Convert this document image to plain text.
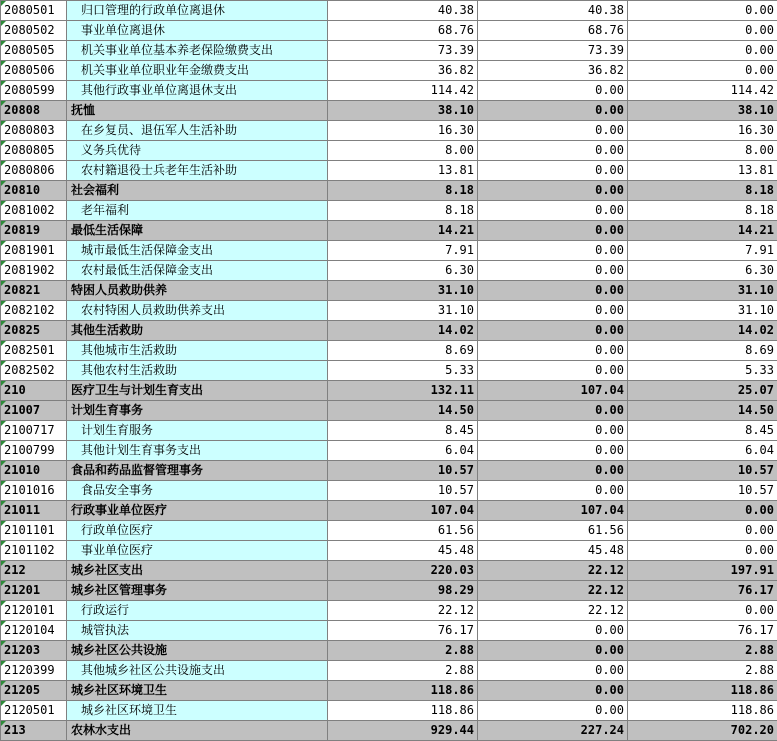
2080501	归口管理的行政单位离退休	40.38	40.38	0.00
2080502	事业单位离退休	68.76	68.76	0.00
2080505	机关事业单位基本养老保险缴费支出	73.39	73.39	0.00
2080506	机关事业单位职业年金缴费支出	36.82	36.82	0.00
2080599	其他行政事业单位离退休支出	114.42	0.00	114.42
20808	抚恤	38.10	0.00	38.10
2080803	在乡复员、退伍军人生活补助	16.30	0.00	16.30
2080805	义务兵优待	8.00	0.00	8.00
2080806	农村籍退役士兵老年生活补助	13.81	0.00	13.81
20810	社会福利	8.18	0.00	8.18
2081002	老年福利	8.18	0.00	8.18
20819	最低生活保障	14.21	0.00	14.21
2081901	城市最低生活保障金支出	7.91	0.00	7.91
2081902	农村最低生活保障金支出	6.30	0.00	6.30
20821	特困人员救助供养	31.10	0.00	31.10
2082102	农村特困人员救助供养支出	31.10	0.00	31.10
20825	其他生活救助	14.02	0.00	14.02
2082501	其他城市生活救助	8.69	0.00	8.69
2082502	其他农村生活救助	5.33	0.00	5.33
210	医疗卫生与计划生育支出	132.11	107.04	25.07
21007	计划生育事务	14.50	0.00	14.50
2100717	计划生育服务	8.45	0.00	8.45
2100799	其他计划生育事务支出	6.04	0.00	6.04
21010	食品和药品监督管理事务	10.57	0.00	10.57
2101016	食品安全事务	10.57	0.00	10.57
21011	行政事业单位医疗	107.04	107.04	0.00
2101101	行政单位医疗	61.56	61.56	0.00
2101102	事业单位医疗	45.48	45.48	0.00
212	城乡社区支出	220.03	22.12	197.91
21201	城乡社区管理事务	98.29	22.12	76.17
2120101	行政运行	22.12	22.12	0.00
2120104	城管执法	76.17	0.00	76.17
21203	城乡社区公共设施	2.88	0.00	2.88
2120399	其他城乡社区公共设施支出	2.88	0.00	2.88
21205	城乡社区环境卫生	118.86	0.00	118.86
2120501	城乡社区环境卫生	118.86	0.00	118.86
213	农林水支出	929.44	227.24	702.20
